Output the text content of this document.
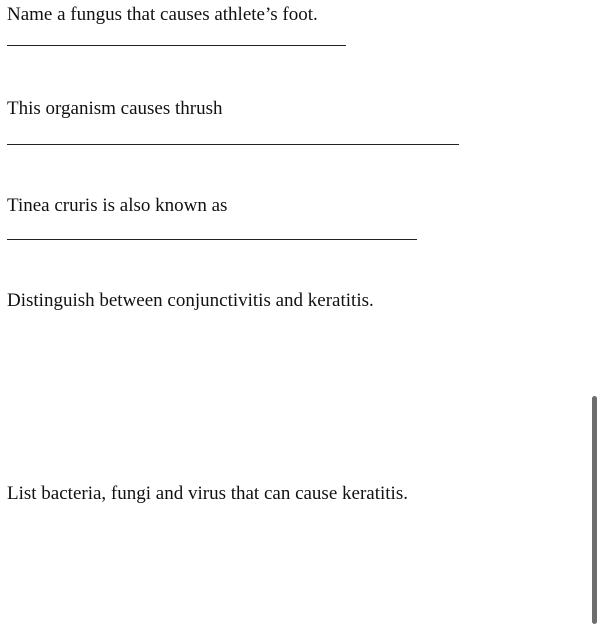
Name a fungus that causes athlete’s foot.
This organism causes thrush
Tinea cruris is also known as
Distinguish between conjunctivitis and keratitis.
List bacteria, fungi and virus that can cause keratitis.
